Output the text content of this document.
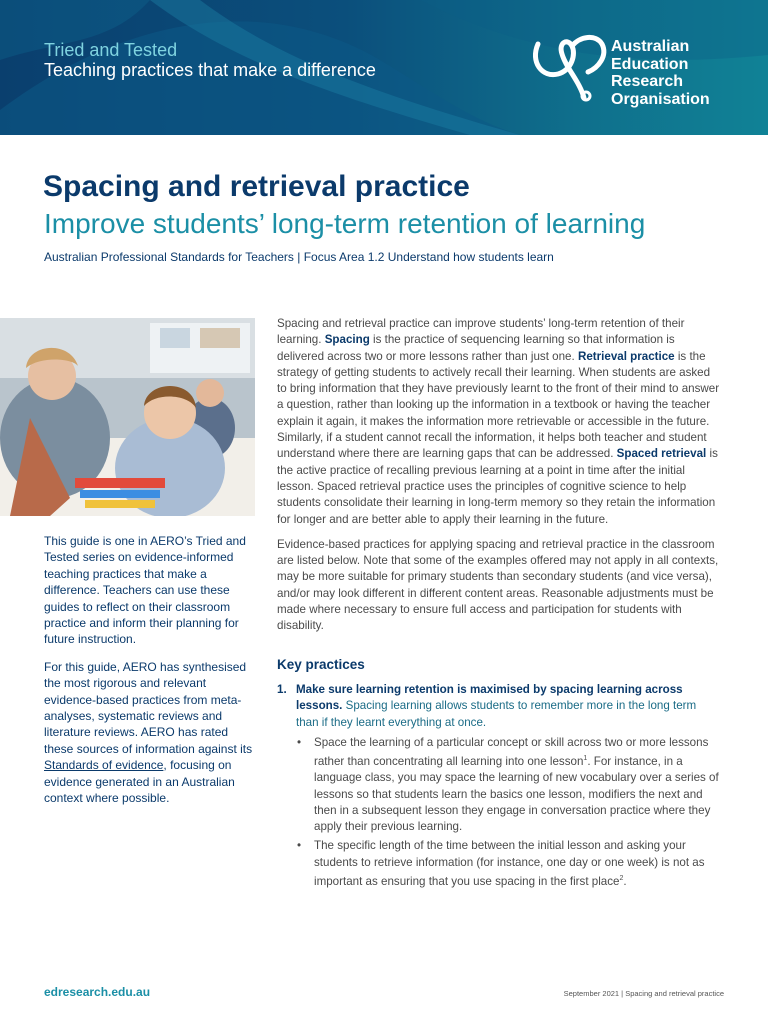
Tried and Tested
Teaching practices that make a difference
Australian
Education
Research
Organisation
Spacing and retrieval practice
Improve students’ long-term retention of learning
Australian Professional Standards for Teachers | Focus Area 1.2 Understand how students learn

This guide is one in AERO’s Tried and Tested series on evidence-informed teaching practices that make a difference. Teachers can use these guides to reflect on their classroom practice and inform their planning for future instruction.

For this guide, AERO has synthesised the most rigorous and relevant evidence-based practices from meta-analyses, systematic reviews and literature reviews. AERO has rated these sources of information against its Standards of evidence, focusing on evidence generated in an Australian context where possible.

Spacing and retrieval practice can improve students’ long-term retention of their learning. Spacing is the practice of sequencing learning so that information is delivered across two or more lessons rather than just one. Retrieval practice is the strategy of getting students to actively recall their learning. When students are asked to bring information that they have previously learnt to the front of their mind to answer a question, rather than looking up the information in a textbook or having the teacher explain it again, it makes the information more retrievable or accessible in the future. Similarly, if a student cannot recall the information, it helps both teacher and student understand where there are learning gaps that can be addressed. Spaced retrieval is the active practice of recalling previous learning at a point in time after the initial lesson. Spaced retrieval practice uses the principles of cognitive science to help students consolidate their learning in long-term memory so they retain the information for longer and are better able to apply their learning in the future.

Evidence-based practices for applying spacing and retrieval practice in the classroom are listed below. Note that some of the examples offered may not apply in all contexts, may be more suitable for primary students than secondary students (and vice versa), and/or may look different in different content areas. Reasonable adjustments must be made where necessary to ensure full access and participation for students with disability.

Key practices
1. Make sure learning retention is maximised by spacing learning across lessons. Spacing learning allows students to remember more in the long term than if they learnt everything at once.
• Space the learning of a particular concept or skill across two or more lessons rather than concentrating all learning into one lesson$^1$. For instance, in a language class, you may space the learning of new vocabulary over a series of lessons so that students learn the basics one lesson, modifiers the next and then in a subsequent lesson they engage in conversation practice where they apply their previous learning.
• The specific length of the time between the initial lesson and asking your students to retrieve information (for instance, one day or one week) is not as important as ensuring that you use spacing in the first place$^2$.
edresearch.edu.au	September 2021 | Spacing and retrieval practice
